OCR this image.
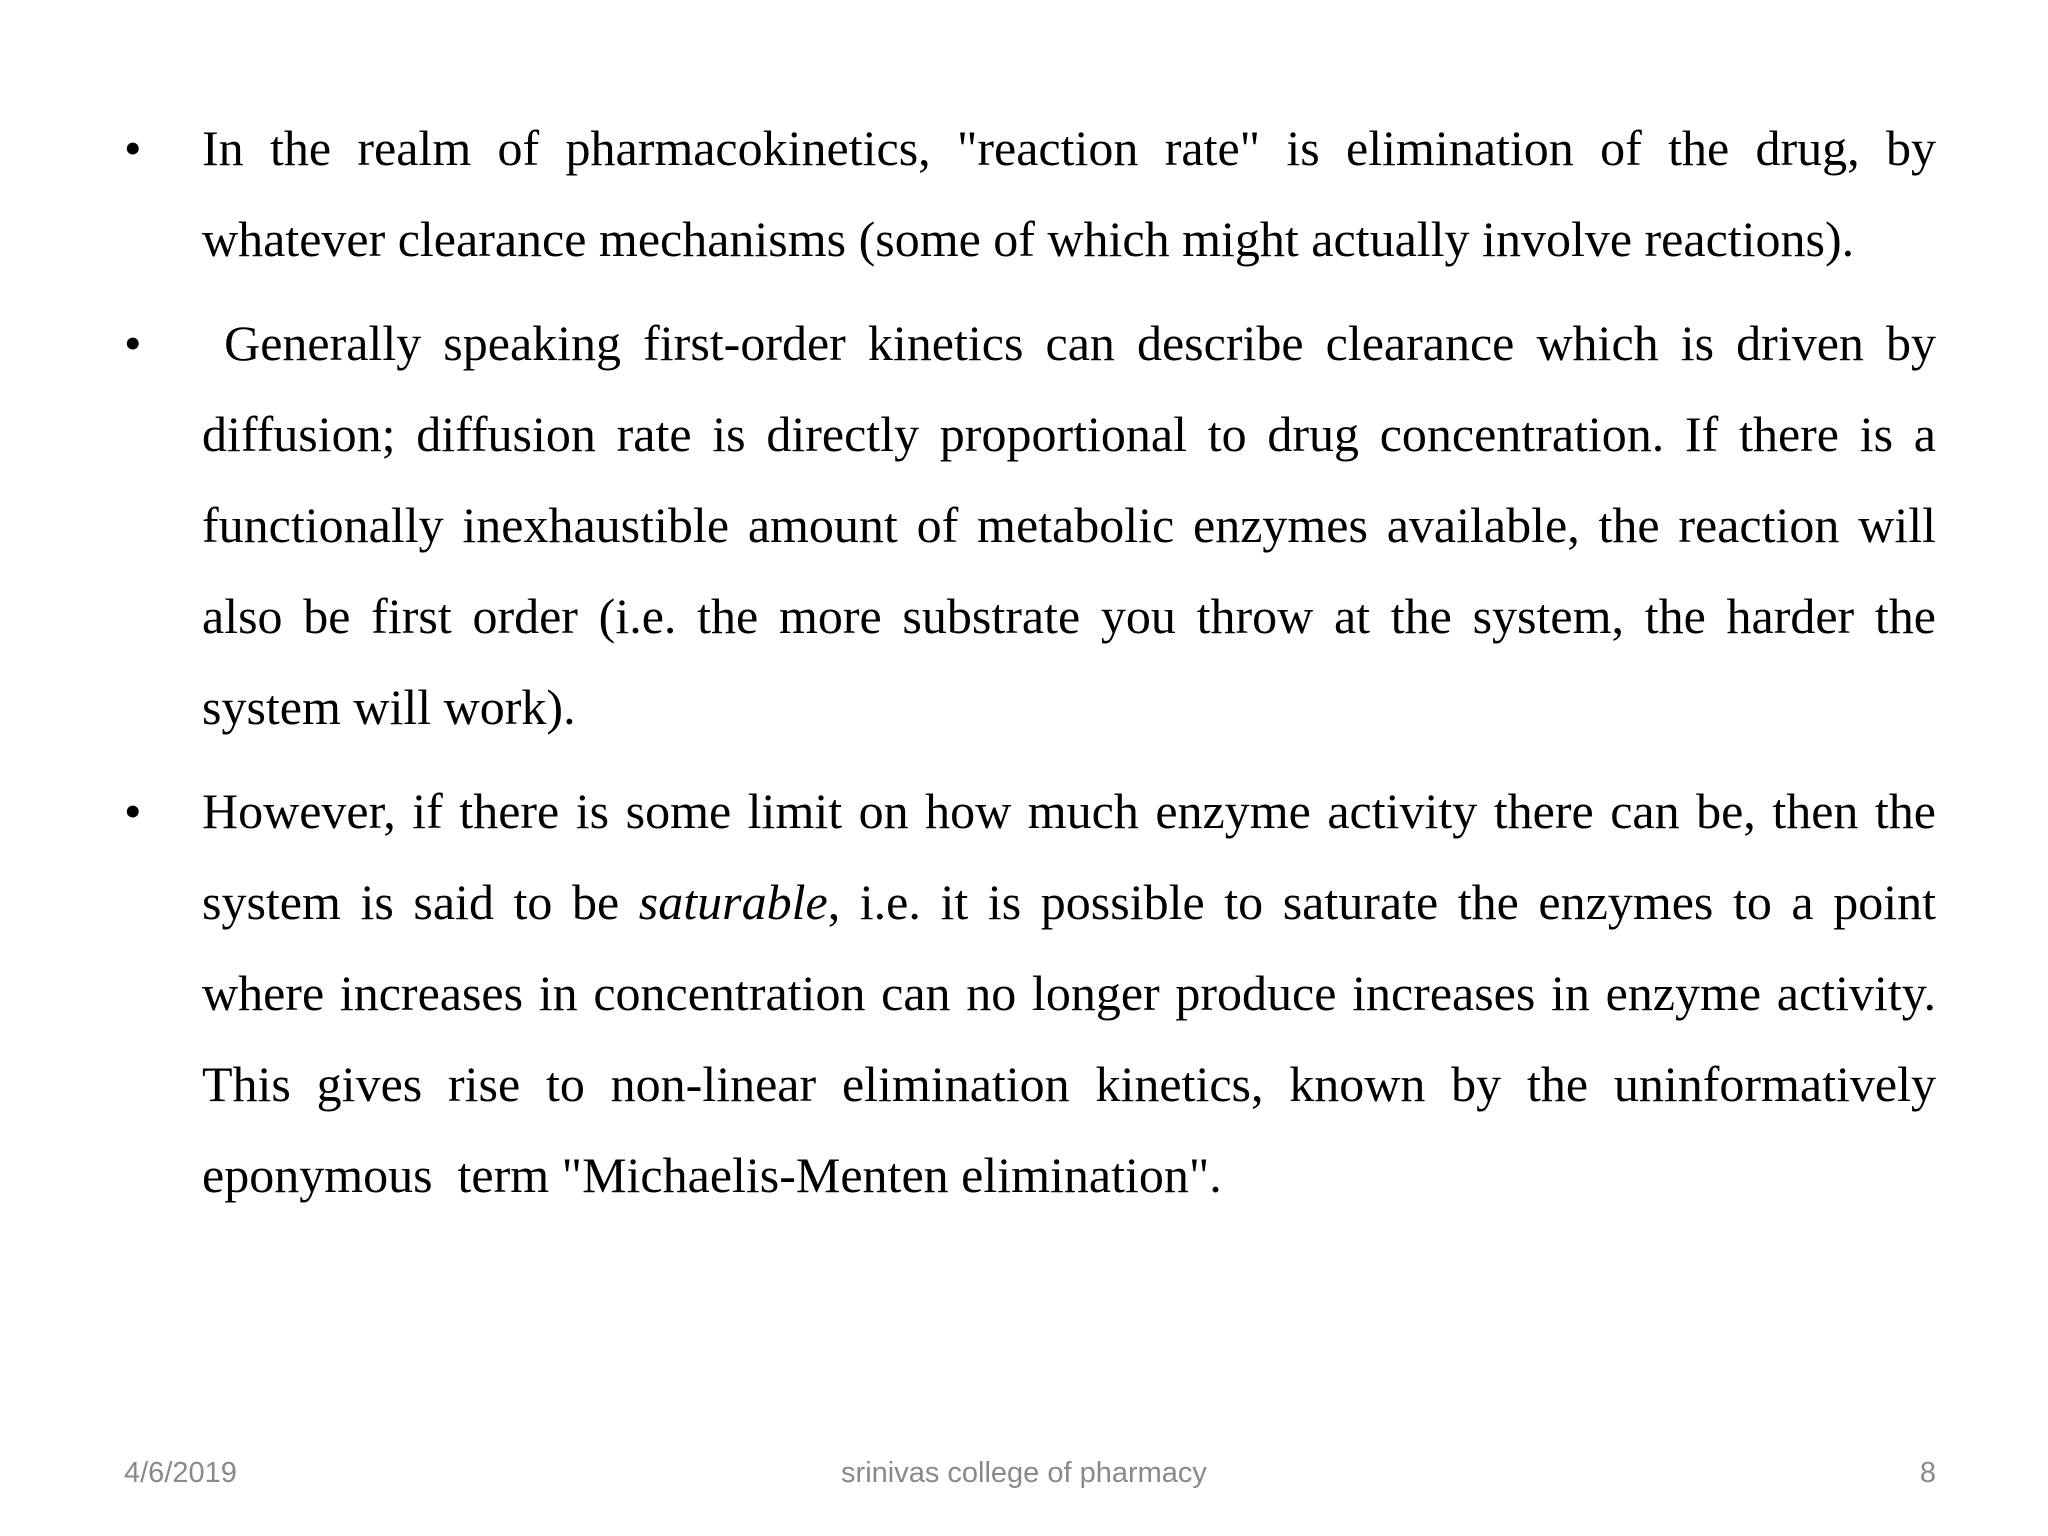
•	In the realm of pharmacokinetics, "reaction rate" is elimination of the drug, by whatever clearance mechanisms (some of which might actually involve reactions).
•	Generally speaking first-order kinetics can describe clearance which is driven by diffusion; diffusion rate is directly proportional to drug concentration. If there is a functionally inexhaustible amount of metabolic enzymes available, the reaction will also be first order (i.e. the more substrate you throw at the system, the harder the system will work).
•	However, if there is some limit on how much enzyme activity there can be, then the system is said to be saturable, i.e. it is possible to saturate the enzymes to a point where increases in concentration can no longer produce increases in enzyme activity. This gives rise to non-linear elimination kinetics, known by the uninformatively eponymous  term "Michaelis-Menten elimination".
4/6/2019	srinivas college of pharmacy	8
